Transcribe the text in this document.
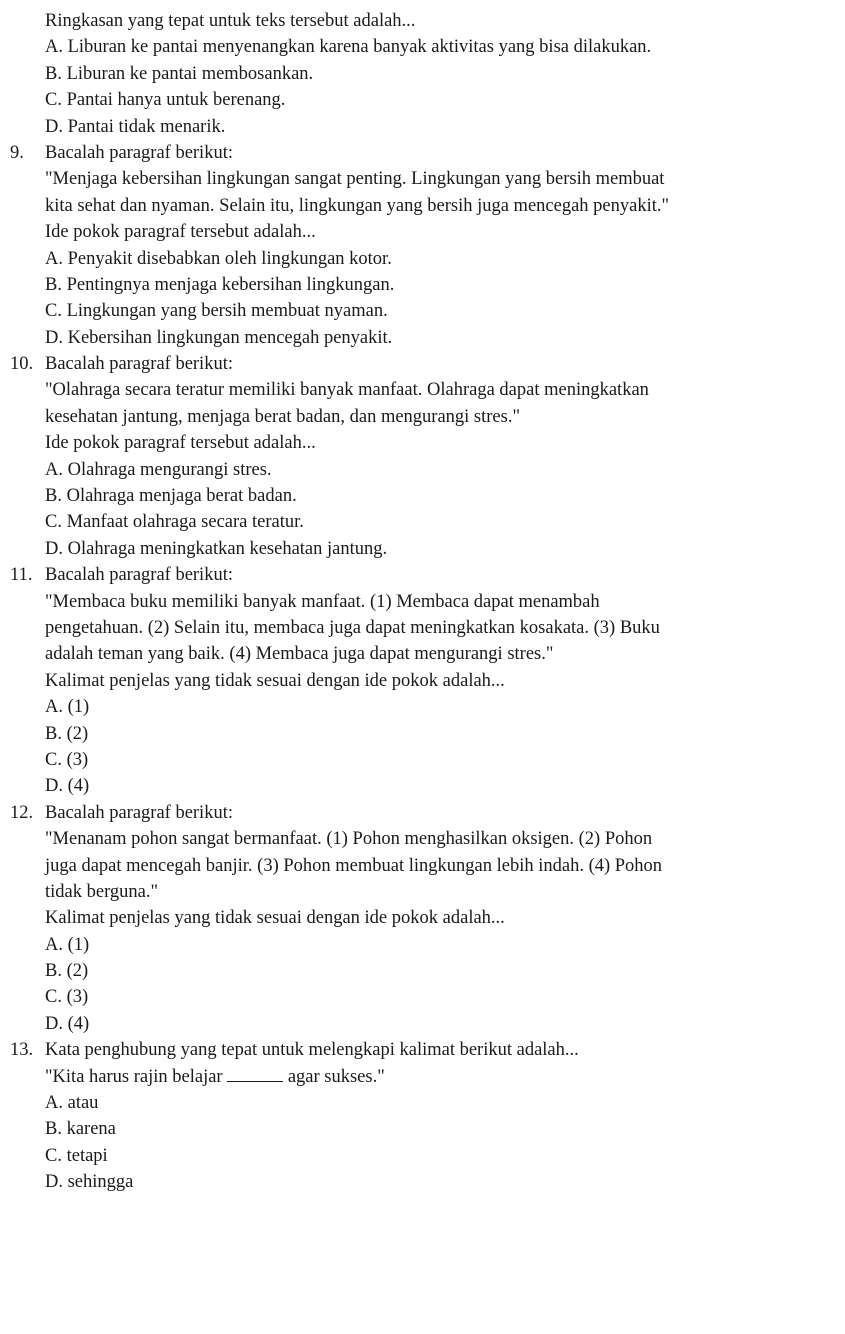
Ringkasan yang tepat untuk teks tersebut adalah...
A. Liburan ke pantai menyenangkan karena banyak aktivitas yang bisa dilakukan.
B. Liburan ke pantai membosankan.
C. Pantai hanya untuk berenang.
D. Pantai tidak menarik.
9. Bacalah paragraf berikut:
"Menjaga kebersihan lingkungan sangat penting. Lingkungan yang bersih membuat
kita sehat dan nyaman. Selain itu, lingkungan yang bersih juga mencegah penyakit."
Ide pokok paragraf tersebut adalah...
A. Penyakit disebabkan oleh lingkungan kotor.
B. Pentingnya menjaga kebersihan lingkungan.
C. Lingkungan yang bersih membuat nyaman.
D. Kebersihan lingkungan mencegah penyakit.
10. Bacalah paragraf berikut:
"Olahraga secara teratur memiliki banyak manfaat. Olahraga dapat meningkatkan
kesehatan jantung, menjaga berat badan, dan mengurangi stres."
Ide pokok paragraf tersebut adalah...
A. Olahraga mengurangi stres.
B. Olahraga menjaga berat badan.
C. Manfaat olahraga secara teratur.
D. Olahraga meningkatkan kesehatan jantung.
11. Bacalah paragraf berikut:
"Membaca buku memiliki banyak manfaat. (1) Membaca dapat menambah
pengetahuan. (2) Selain itu, membaca juga dapat meningkatkan kosakata. (3) Buku
adalah teman yang baik. (4) Membaca juga dapat mengurangi stres."
Kalimat penjelas yang tidak sesuai dengan ide pokok adalah...
A. (1)
B. (2)
C. (3)
D. (4)
12. Bacalah paragraf berikut:
"Menanam pohon sangat bermanfaat. (1) Pohon menghasilkan oksigen. (2) Pohon
juga dapat mencegah banjir. (3) Pohon membuat lingkungan lebih indah. (4) Pohon
tidak berguna."
Kalimat penjelas yang tidak sesuai dengan ide pokok adalah...
A. (1)
B. (2)
C. (3)
D. (4)
13. Kata penghubung yang tepat untuk melengkapi kalimat berikut adalah...
"Kita harus rajin belajar	agar sukses."
A. atau
B. karena
C. tetapi
D. sehingga
